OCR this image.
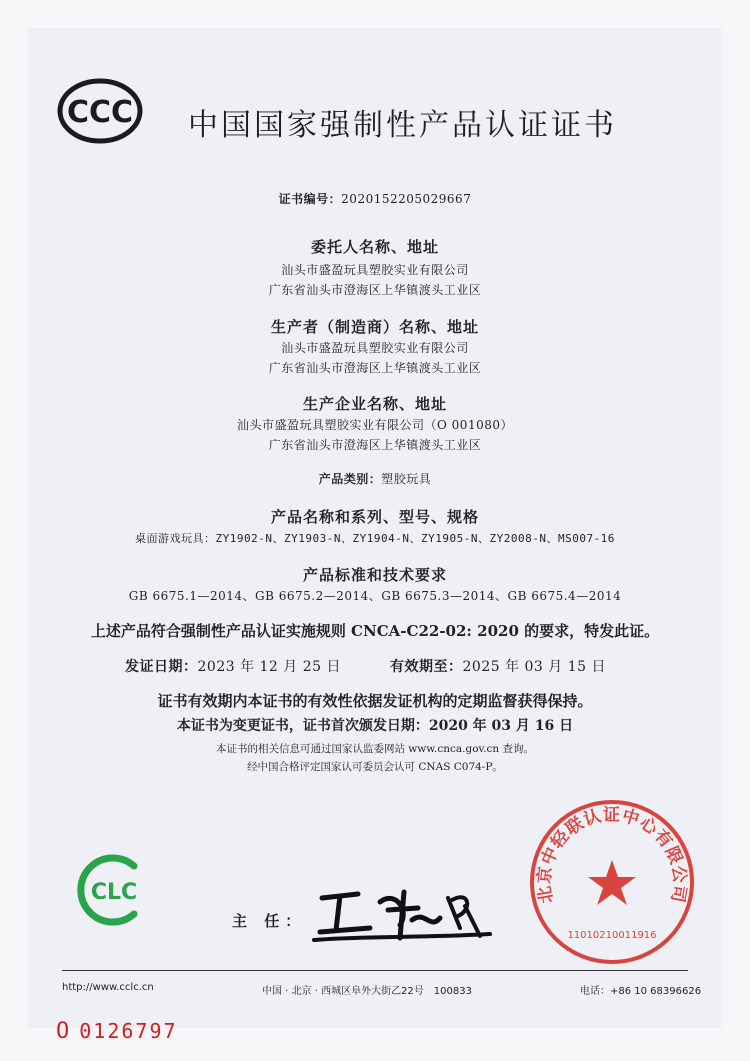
CCC 中国国家强制性产品认证证书
证书编号：2020152205029667
委托人名称、地址
汕头市盛盈玩具塑胶实业有限公司
广东省汕头市澄海区上华镇渡头工业区
生产者（制造商）名称、地址
汕头市盛盈玩具塑胶实业有限公司
广东省汕头市澄海区上华镇渡头工业区
生产企业名称、地址
汕头市盛盈玩具塑胶实业有限公司（O 001080）
广东省汕头市澄海区上华镇渡头工业区
产品类别：塑胶玩具
产品名称和系列、型号、规格
桌面游戏玩具：ZY1902-N、ZY1903-N、ZY1904-N、ZY1905-N、ZY2008-N、MS007-16
产品标准和技术要求
GB 6675.1—2014、GB 6675.2—2014、GB 6675.3—2014、GB 6675.4—2014
上述产品符合强制性产品认证实施规则 CNCA-C22-02: 2020 的要求，特发此证。
发证日期：2023 年 12 月 25 日	有效期至：2025 年 03 月 15 日
证书有效期内本证书的有效性依据发证机构的定期监督获得保持。
本证书为变更证书，证书首次颁发日期：2020 年 03 月 16 日
本证书的相关信息可通过国家认监委网站 www.cnca.gov.cn 查询。
经中国合格评定国家认可委员会认可 CNAS C074-P。
CLC	北京中轻联认证中心有限公司
11010210011916
主 任：
http://www.cclc.cn	中国 · 北京 · 西城区阜外大街乙22号　100833	电话：+86 10 68396626
O 0126797
